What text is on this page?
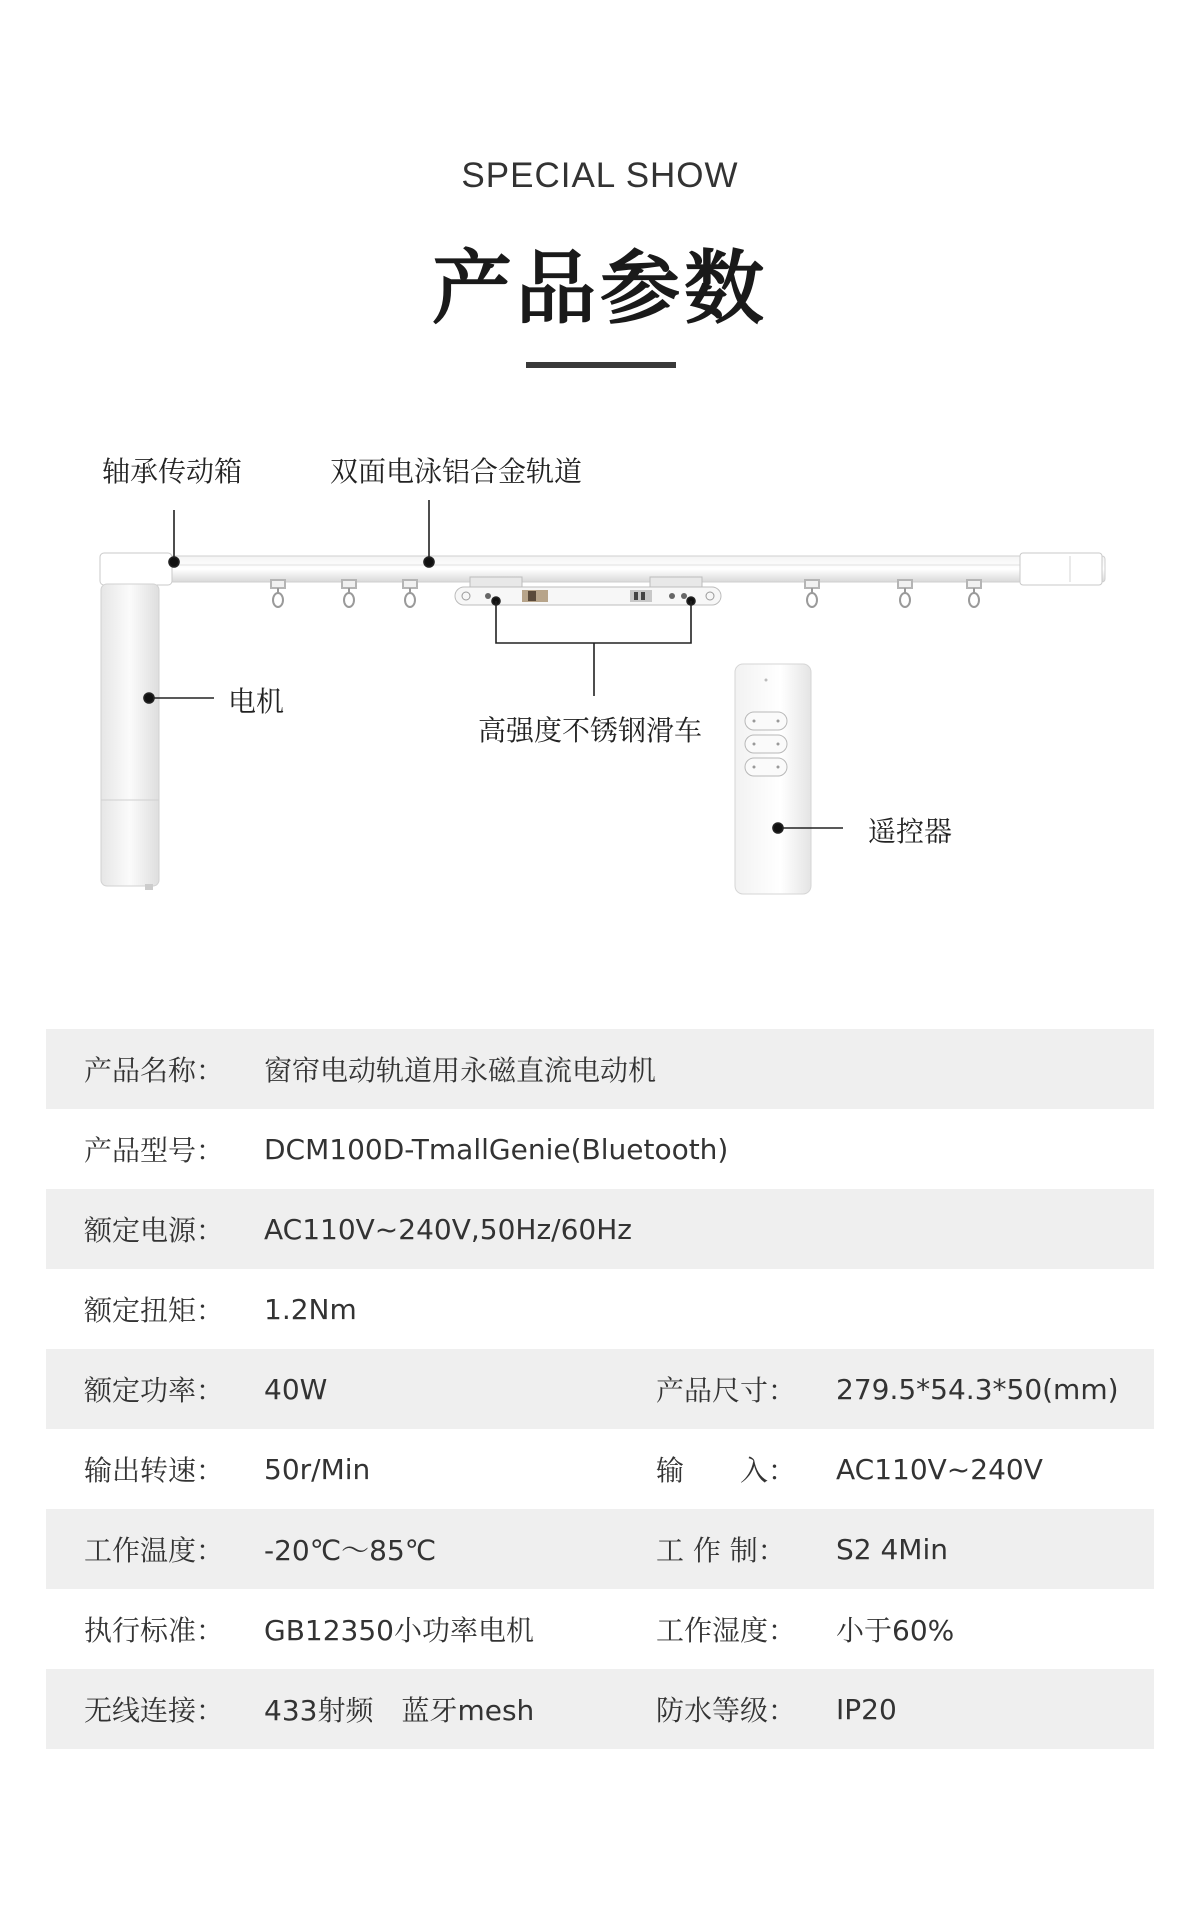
SPECIAL SHOW
产品参数
轴承传动箱	双面电泳铝合金轨道
电机
高强度不锈钢滑车
遥控器
产品名称：	窗帘电动轨道用永磁直流电动机
产品型号：	DCM100D-TmallGenie(Bluetooth)
额定电源：	AC110V~240V,50Hz/60Hz
额定扭矩：	1.2Nm
额定功率：	40W	产品尺寸：	279.5*54.3*50(mm)
输出转速：	50r/Min	输　　入：	AC110V~240V
工作温度：	-20℃～85℃	工 作 制：	S2 4Min
执行标准：	GB12350小功率电机	工作湿度：	小于60%
无线连接：	433射频　蓝牙mesh	防水等级：	IP20
